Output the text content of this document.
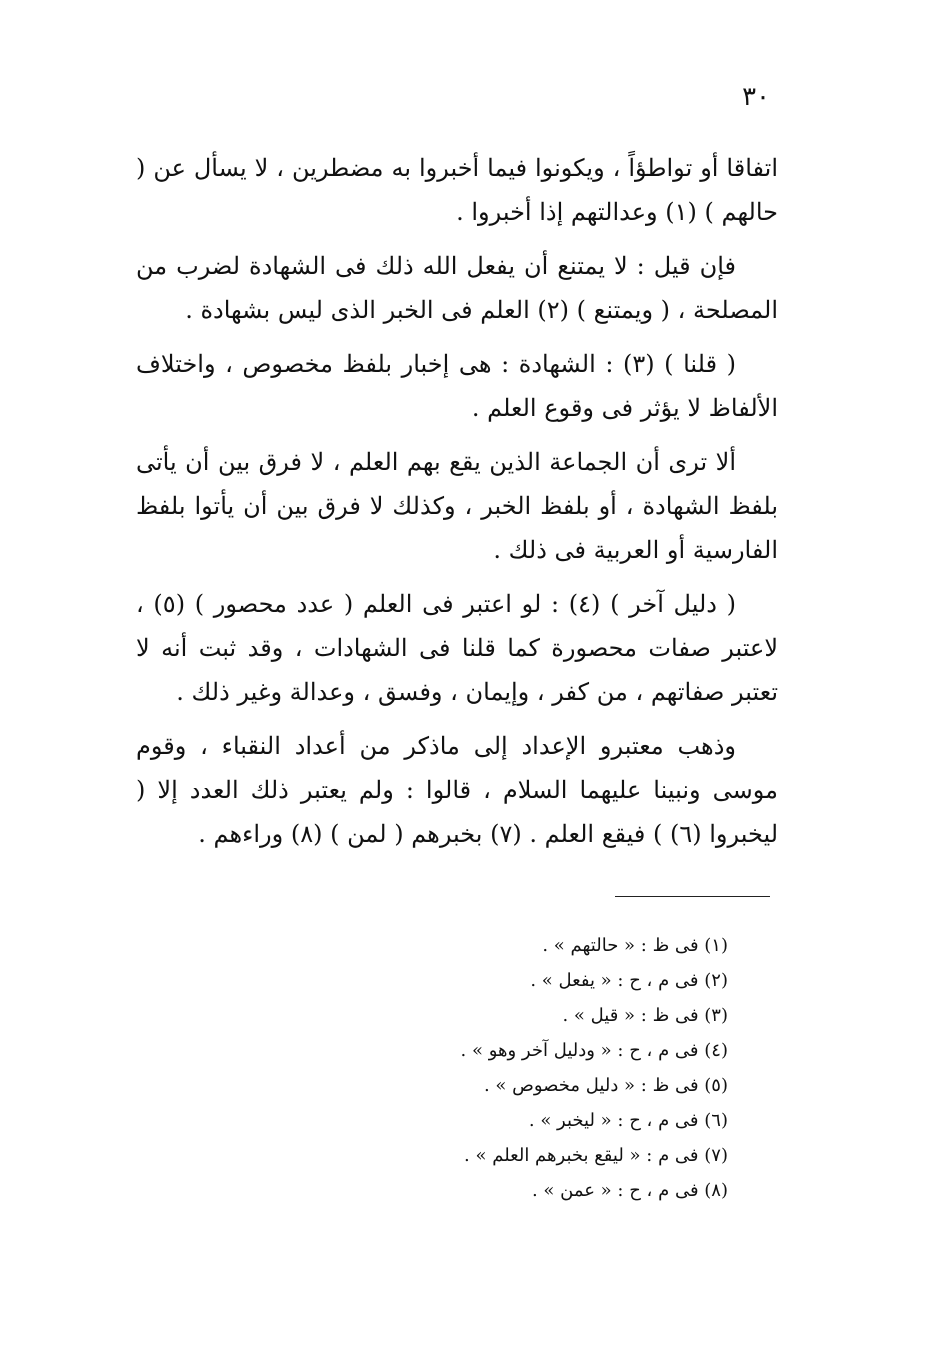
٣٠

اتفاقا أو تواطؤاً ، ويكونوا فيما أخبروا به مضطرين ، لا يسأل عن ( حالهم ) (١) وعدالتهم إذا أخبروا .

فإن قيل : لا يمتنع أن يفعل الله ذلك فى الشهادة لضرب من المصلحة ، ( ويمتنع ) (٢) العلم فى الخبر الذى ليس بشهادة .

( قلنا ) (٣) : الشهادة : هى إخبار بلفظ مخصوص ، واختلاف الألفاظ لا يؤثر فى وقوع العلم .

ألا ترى أن الجماعة الذين يقع بهم العلم ، لا فرق بين أن يأتى بلفظ الشهادة ، أو بلفظ الخبر ، وكذلك لا فرق بين أن يأتوا بلفظ الفارسية أو العربية فى ذلك .

( دليل آخر ) (٤) : لو اعتبر فى العلم ( عدد محصور ) (٥) ، لاعتبر صفات محصورة كما قلنا فى الشهادات ، وقد ثبت أنه لا تعتبر صفاتهم ، من كفر ، وإيمان ، وفسق ، وعدالة وغير ذلك .

وذهب معتبرو الإعداد إلى ماذكر من أعداد النقباء ، وقوم موسى ونبينا عليهما السلام ، قالوا : ولم يعتبر ذلك العدد إلا ( ليخبروا (٦) ) فيقع العلم . (٧) بخبرهم ( لمن ) (٨) وراءهم .

(١) فى ظ : « حالتهم » .
(٢) فى م ، ح : « يفعل » .
(٣) فى ظ : « قيل » .
(٤) فى م ، ح : « ودليل آخر وهو » .
(٥) فى ظ : « دليل مخصوص » .
(٦) فى م ، ح : « ليخبر » .
(٧) فى م : « ليقع بخبرهم العلم » .
(٨) فى م ، ح : « عمن » .
